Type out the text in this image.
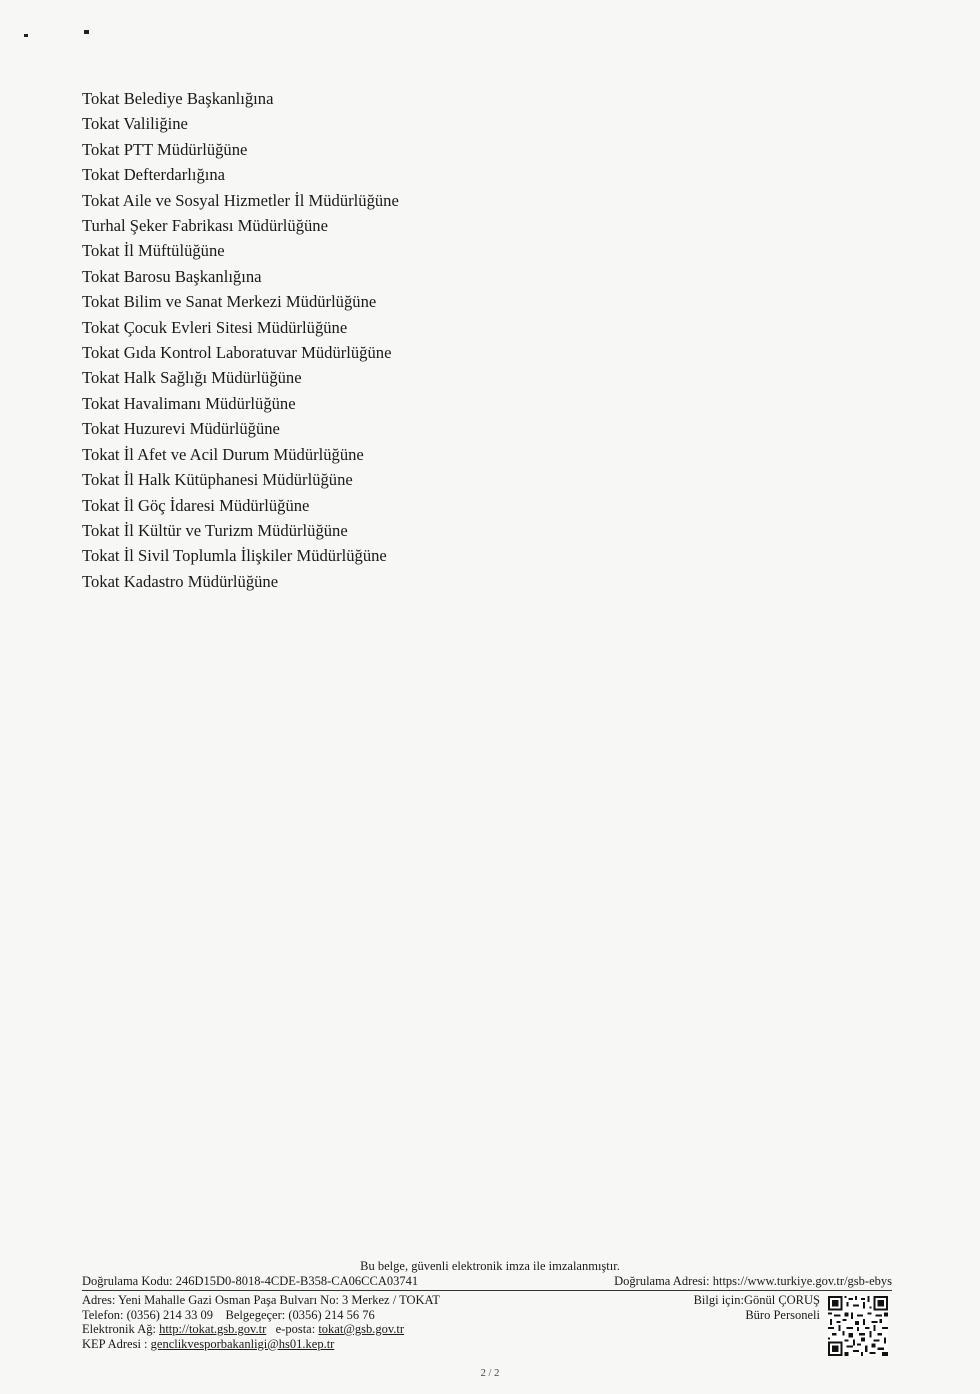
Tokat Belediye Başkanlığına
Tokat Valiliğine
Tokat PTT Müdürlüğüne
Tokat Defterdarlığına
Tokat Aile ve Sosyal Hizmetler İl Müdürlüğüne
Turhal Şeker Fabrikası Müdürlüğüne
Tokat İl Müftülüğüne
Tokat Barosu Başkanlığına
Tokat Bilim ve Sanat Merkezi Müdürlüğüne
Tokat Çocuk Evleri Sitesi Müdürlüğüne
Tokat Gıda Kontrol Laboratuvar Müdürlüğüne
Tokat Halk Sağlığı Müdürlüğüne
Tokat Havalimanı Müdürlüğüne
Tokat Huzurevi Müdürlüğüne
Tokat İl Afet ve Acil Durum Müdürlüğüne
Tokat İl Halk Kütüphanesi Müdürlüğüne
Tokat İl Göç İdaresi Müdürlüğüne
Tokat İl Kültür ve Turizm Müdürlüğüne
Tokat İl Sivil Toplumla İlişkiler Müdürlüğüne
Tokat Kadastro Müdürlüğüne
Bu belge, güvenli elektronik imza ile imzalanmıştır.
Doğrulama Kodu: 246D15D0-8018-4CDE-B358-CA06CCA03741	Doğrulama Adresi: https://www.turkiye.gov.tr/gsb-ebys
Adres: Yeni Mahalle Gazi Osman Paşa Bulvarı No: 3 Merkez / TOKAT
Telefon: (0356) 214 33 09 Belgegeçer: (0356) 214 56 76
Elektronik Ağ: http://tokat.gsb.gov.tr e-posta: tokat@gsb.gov.tr
KEP Adresi : genclikvesporbakanligi@hs01.kep.tr
Bilgi için:Gönül ÇORUŞ
Büro Personeli
2 / 2
